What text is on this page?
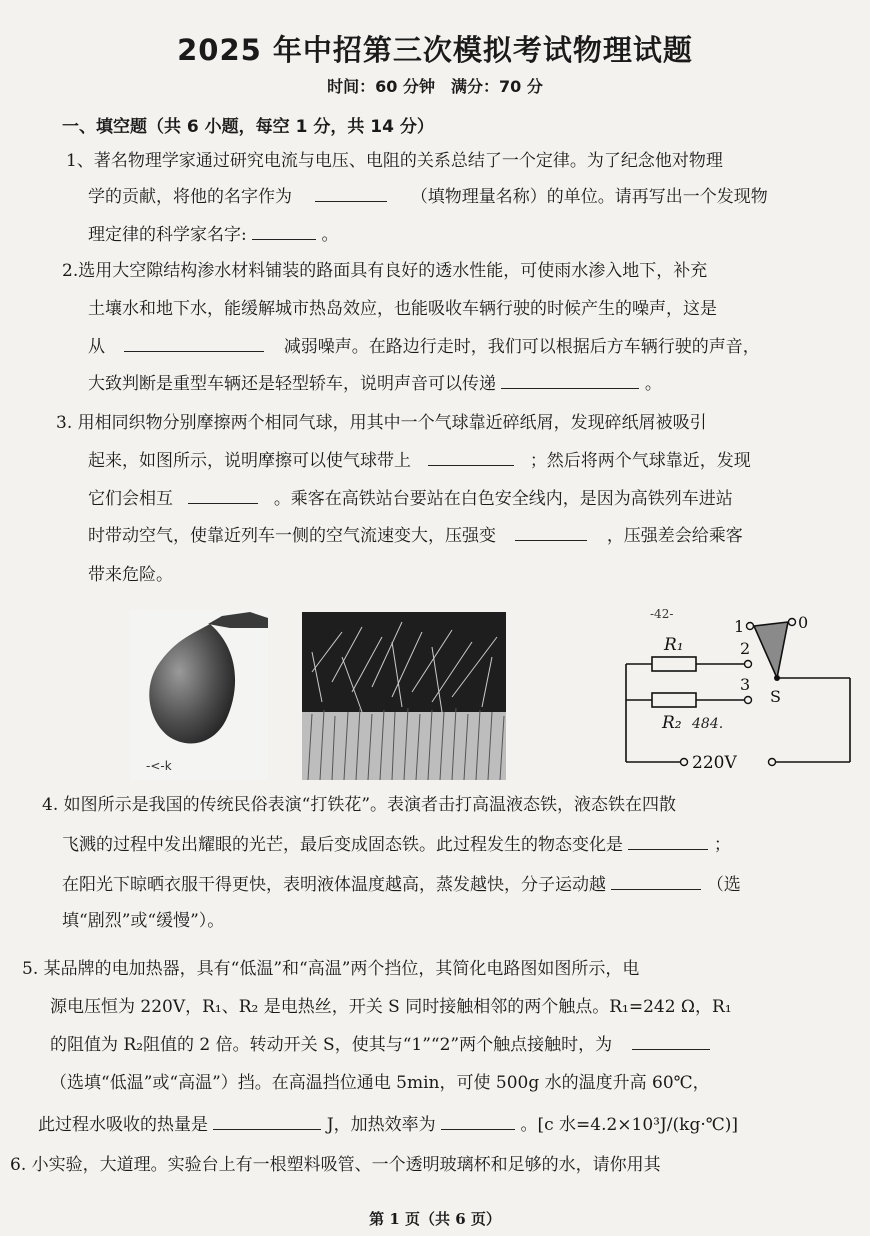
2025 年中招第三次模拟考试物理试题
时间：60 分钟　满分：70 分
一、填空题（共 6 小题，每空 1 分，共 14 分）
1、著名物理学家通过研究电流与电压、电阻的关系总结了一个定律。为了纪念他对物理
学的贡献，将他的名字作为	（填物理量名称）的单位。请再写出一个发现物
理定律的科学家名字:	。
2.选用大空隙结构渗水材料铺装的路面具有良好的透水性能，可使雨水渗入地下，补充
土壤水和地下水，能缓解城市热岛效应，也能吸收车辆行驶的时候产生的噪声，这是
从	减弱噪声。在路边行走时，我们可以根据后方车辆行驶的声音，
大致判断是重型车辆还是轻型轿车，说明声音可以传递	。
3. 用相同织物分别摩擦两个相同气球，用其中一个气球靠近碎纸屑，发现碎纸屑被吸引
起来，如图所示，说明摩擦可以使气球带上	；然后将两个气球靠近，发现
它们会相互	。乘客在高铁站台要站在白色安全线内，是因为高铁列车进站
时带动空气，使靠近列车一侧的空气流速变大，压强变	，压强差会给乘客
带来危险。
-<-k
-42-
R₁
R₂ 484.
1	0
2
3
S
220V
4. 如图所示是我国的传统民俗表演“打铁花”。表演者击打高温液态铁，液态铁在四散
飞溅的过程中发出耀眼的光芒，最后变成固态铁。此过程发生的物态变化是	；
在阳光下晾晒衣服干得更快，表明液体温度越高，蒸发越快，分子运动越	（选
填“剧烈”或“缓慢”）。
5. 某品牌的电加热器，具有“低温”和“高温”两个挡位，其简化电路图如图所示，电
源电压恒为 220V，R₁、R₂ 是电热丝，开关 S 同时接触相邻的两个触点。R₁=242 Ω，R₁
的阻值为 R₂阻值的 2 倍。转动开关 S，使其与“1”“2”两个触点接触时，为
（选填“低温”或“高温”）挡。在高温挡位通电 5min，可使 500g 水的温度升高 60℃，
此过程水吸收的热量是	J，加热效率为	。[c 水=4.2×10³J/(kg·℃)]
6. 小实验，大道理。实验台上有一根塑料吸管、一个透明玻璃杯和足够的水，请你用其
第 1 页（共 6 页）
